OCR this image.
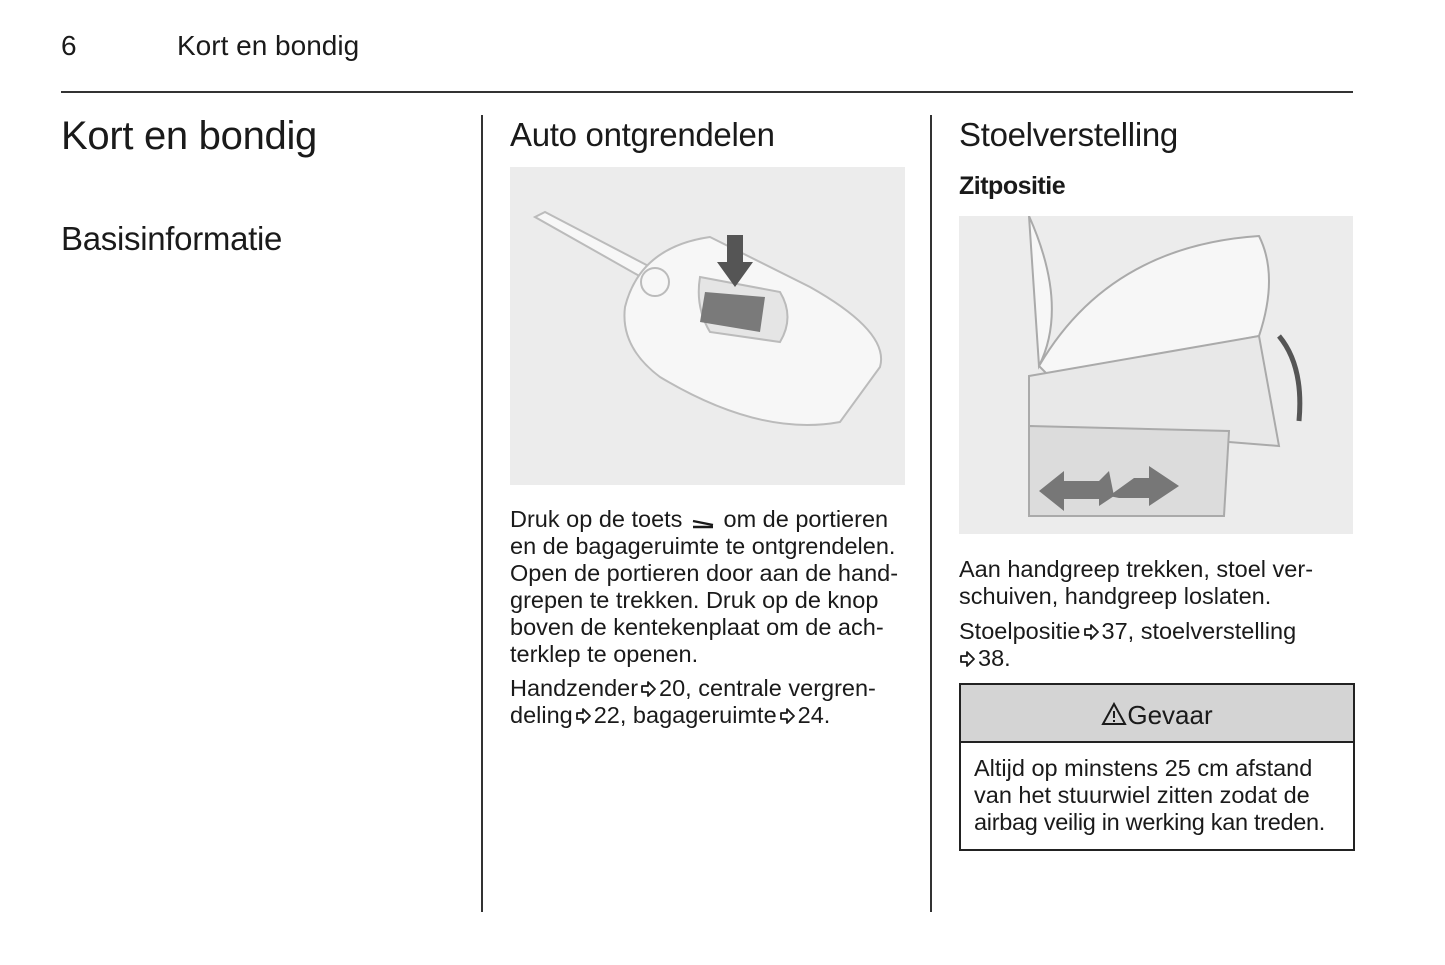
6	Kort en bondig
Kort en bondig
Basisinformatie
Auto ontgrendelen
Druk op de toets om de portieren
en de bagageruimte te ontgrendelen.
Open de portieren door aan de hand-
grepen te trekken. Druk op de knop
boven de kentekenplaat om de ach-
terklep te openen.
Handzender 20, centrale vergren-
deling 22, bagageruimte 24.
Stoelverstelling
Zitpositie
Aan handgreep trekken, stoel ver-
schuiven, handgreep loslaten.
Stoelpositie 37, stoelverstelling
38.
Gevaar
Altijd op minstens 25 cm afstand
van het stuurwiel zitten zodat de
airbag veilig in werking kan treden.
